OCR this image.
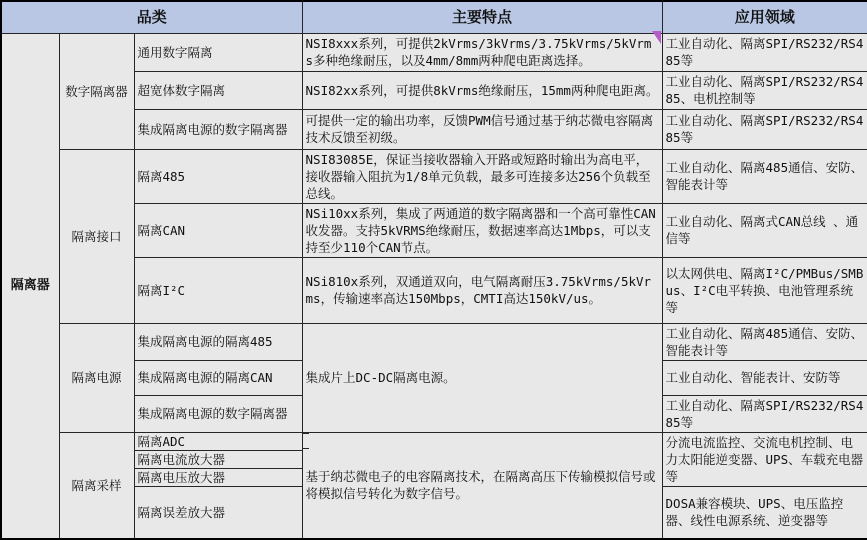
品类			主要特点	应用领域
隔离器	数字隔离器	通用数字隔离	NSI8xxx系列，可提供2kVrms/3kVrms/3.75kVrms/5kVrms多种绝缘耐压，以及4mm/8mm两种爬电距离选择。	工业自动化、隔离SPI/RS232/RS485等
		超宽体数字隔离	NSI82xx系列，可提供8kVrms绝缘耐压，15mm两种爬电距离。	工业自动化、隔离SPI/RS232/RS485、电机控制等
		集成隔离电源的数字隔离器	可提供一定的输出功率，反馈PWM信号通过基于纳芯微电容隔离技术反馈至初级。	工业自动化、隔离SPI/RS232/RS485等
	隔离接口	隔离485	NSI83085E，保证当接收器输入开路或短路时输出为高电平，接收器输入阻抗为1/8单元负载，最多可连接多达256个负载至总线。	工业自动化、隔离485通信、安防、智能表计等
		隔离CAN	NSi10xx系列，集成了两通道的数字隔离器和一个高可靠性CAN收发器。支持5kVRMS绝缘耐压，数据速率高达1Mbps，可以支持至少110个CAN节点。	工业自动化、隔离式CAN总线 、通信等
		隔离I²C	NSi810x系列，双通道双向，电气隔离耐压3.75kVrms/5kVrms，传输速率高达150Mbps，CMTI高达150kV/us。	以太网供电、隔离I²C/PMBus/SMBus、I²C电平转换、电池管理系统等
	隔离电源	集成隔离电源的隔离485	集成片上DC-DC隔离电源。	工业自动化、隔离485通信、安防、智能表计等
		集成隔离电源的隔离CAN		工业自动化、智能表计、安防等
		集成隔离电源的数字隔离器		工业自动化、隔离SPI/RS232/RS485等
	隔离采样	隔离ADC	基于纳芯微电子的电容隔离技术，在隔离高压下传输模拟信号或将模拟信号转化为数字信号。	分流电流监控、交流电机控制、电力太阳能逆变器、UPS、车载充电器等
		隔离电流放大器		
		隔离电压放大器		
		隔离误差放大器		DOSA兼容模块、UPS、电压监控器、线性电源系统、逆变器等
